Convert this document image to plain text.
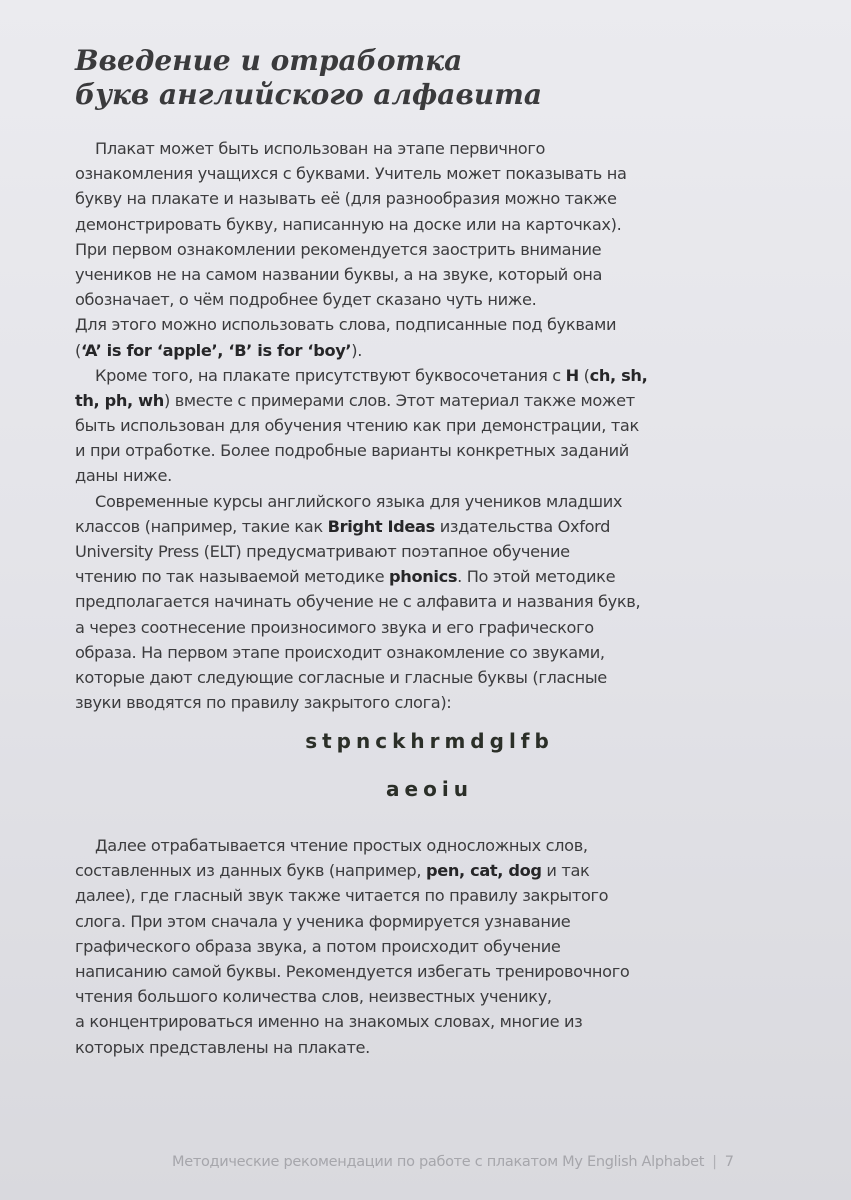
Введение и отработка
букв английского алфавита
Плакат может быть использован на этапе первичного
ознакомления учащихся с буквами. Учитель может показывать на
букву на плакате и называть её (для разнообразия можно также
демонстрировать букву, написанную на доске или на карточках).
При первом ознакомлении рекомендуется заострить внимание
учеников не на самом названии буквы, а на звуке, который она
обозначает, о чём подробнее будет сказано чуть ниже.
Для этого можно использовать слова, подписанные под буквами
(‘A’ is for ‘apple’, ‘B’ is for ‘boy’).
Кроме того, на плакате присутствуют буквосочетания с H (ch, sh,
th, ph, wh) вместе с примерами слов. Этот материал также может
быть использован для обучения чтению как при демонстрации, так
и при отработке. Более подробные варианты конкретных заданий
даны ниже.
Современные курсы английского языка для учеников младших
классов (например, такие как Bright Ideas издательства Oxford
University Press (ELT) предусматривают поэтапное обучение
чтению по так называемой методике phonics. По этой методике
предполагается начинать обучение не с алфавита и названия букв,
а через соотнесение произносимого звука и его графического
образа. На первом этапе происходит ознакомление со звуками,
которые дают следующие согласные и гласные буквы (гласные
звуки вводятся по правилу закрытого слога):
stpnckhrmdglfb
aeoiu
Далее отрабатывается чтение простых односложных слов,
составленных из данных букв (например, pen, cat, dog и так
далее), где гласный звук также читается по правилу закрытого
слога. При этом сначала у ученика формируется узнавание
графического образа звука, а потом происходит обучение
написанию самой буквы. Рекомендуется избегать тренировочного
чтения большого количества слов, неизвестных ученику,
а концентрироваться именно на знакомых словах, многие из
которых представлены на плакате.
Методические рекомендации по работе с плакатом My English Alphabet | 7
